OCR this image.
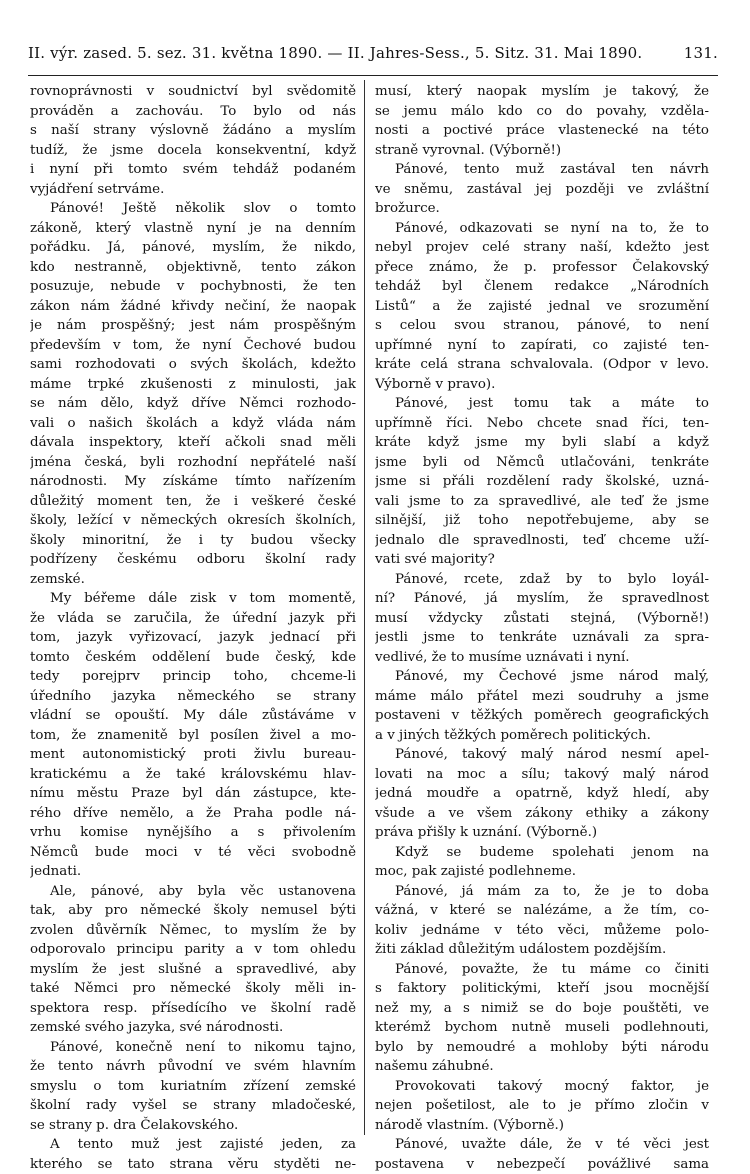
II. výr. zased. 5. sez. 31. května 1890. — II. Jahres-Sess., 5. Sitz. 31. Mai 1890.	131.
rovnoprávnosti v soudnictví byl svědomitě
prováděn a zachováu. To bylo od nás
s naší strany výslovně žádáno a myslím
tudíž, že jsme docela konsekventní, když
i nyní při tomto svém tehdáž podaném
vyjádření setrváme.
Pánové! Ještě několik slov o tomto
zákoně, který vlastně nyní je na denním
pořádku. Já, pánové, myslím, že nikdo,
kdo nestranně, objektivně, tento zákon
posuzuje, nebude v pochybnosti, že ten
zákon nám žádné křivdy nečiní, že naopak
je nám prospěšný; jest nám prospěšným
především v tom, že nyní Čechové budou
sami rozhodovati o svých školách, kdežto
máme trpké zkušenosti z minulosti, jak
se nám dělo, když dříve Němci rozhodo-
vali o našich školách a když vláda nám
dávala inspektory, kteří ačkoli snad měli
jména česká, byli rozhodní nepřátelé naší
národnosti. My získáme tímto nařízením
důležitý moment ten, že i veškeré české
školy, ležící v německých okresích školních,
školy minoritní, že i ty budou všecky
podřízeny českému odboru školní rady
zemské.
My béřeme dále zisk v tom momentě,
že vláda se zaručila, že úřední jazyk při
tom, jazyk vyřizovací, jazyk jednací při
tomto českém oddělení bude český, kde
tedy porejprv princip toho, chceme-li
úředního jazyka německého se strany
vládní se opouští. My dále zůstáváme v
tom, že znamenitě byl posílen živel a mo-
ment autonomistický proti živlu bureau-
kratickému a že také královskému hlav-
nímu městu Praze byl dán zástupce, kte-
rého dříve nemělo, a že Praha podle ná-
vrhu komise nynějšího a s přivolením
Němců bude moci v té věci svobodně
jednati.
Ale, pánové, aby byla věc ustanovena
tak, aby pro německé školy nemusel býti
zvolen důvěrník Němec, to myslím že by
odporovalo principu parity a v tom ohledu
myslím že jest slušné a spravedlivé, aby
také Němci pro německé školy měli in-
spektora resp. přísedícího ve školní radě
zemské svého jazyka, své národnosti.
Pánové, konečně není to nikomu tajno,
že tento návrh původní ve svém hlavním
smyslu o tom kuriatním zřízení zemské
školní rady vyšel se strany mladočeské,
se strany p. dra Čelakovského.
A tento muž jest zajisté jeden, za
kterého se tato strana věru styděti ne-
musí, který naopak myslím je takový, že
se jemu málo kdo co do povahy, vzděla-
nosti a poctivé práce vlastenecké na této
straně vyrovnal. (Výborně!)
Pánové, tento muž zastával ten návrh
ve sněmu, zastával jej později ve zvláštní
brožurce.
Pánové, odkazovati se nyní na to, že to
nebyl projev celé strany naší, kdežto jest
přece známo, že p. professor Čelakovský
tehdáž byl členem redakce „Národních
Listů“ a že zajisté jednal ve srozumění
s celou svou stranou, pánové, to není
upřímné nyní to zapírati, co zajisté ten-
kráte celá strana schvalovala. (Odpor v levo.
Výborně v pravo).
Pánové, jest tomu tak a máte to
upřímně říci. Nebo chcete snad říci, ten-
kráte když jsme my byli slabí a když
jsme byli od Němců utlačováni, tenkráte
jsme si přáli rozdělení rady školské, uzná-
vali jsme to za spravedlivé, ale teď že jsme
silnější, již toho nepotřebujeme, aby se
jednalo dle spravedlnosti, teď chceme uží-
vati své majority?
Pánové, rcete, zdaž by to bylo loyál-
ní? Pánové, já myslím, že spravedlnost
musí vždycky zůstati stejná, (Výborně!)
jestli jsme to tenkráte uznávali za spra-
vedlivé, že to musíme uznávati i nyní.
Pánové, my Čechové jsme národ malý,
máme málo přátel mezi soudruhy a jsme
postaveni v těžkých poměrech geografických
a v jiných těžkých poměrech politických.
Pánové, takový malý národ nesmí apel-
lovati na moc a sílu; takový malý národ
jedná moudře a opatrně, když hledí, aby
všude a ve všem zákony ethiky a zákony
práva přišly k uznání. (Výborně.)
Když se budeme spolehati jenom na
moc, pak zajisté podlehneme.
Pánové, já mám za to, že je to doba
vážná, v které se nalézáme, a že tím, co-
koliv jednáme v této věci, můžeme polo-
žiti základ důležitým událostem pozdějším.
Pánové, považte, že tu máme co činiti
s faktory politickými, kteří jsou mocnější
než my, a s nimiž se do boje pouštěti, ve
kterémž bychom nutně museli podlehnouti,
bylo by nemoudré a mohloby býti národu
našemu záhubné.
Provokovati takový mocný faktor, je
nejen pošetilost, ale to je přímo zločin v
národě vlastním. (Výborně.)
Pánové, uvažte dále, že v té věci jest
postavena v nebezpečí povážlivé sama
